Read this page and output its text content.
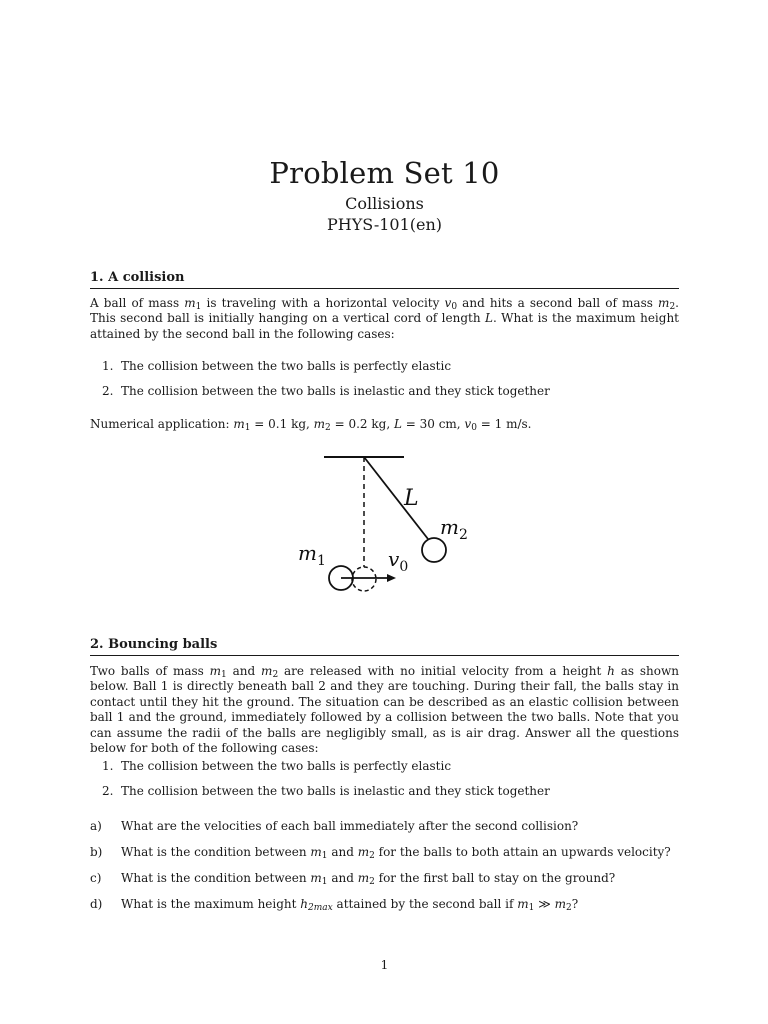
Problem Set 10
Collisions
PHYS-101(en)
1. A collision
A ball of mass $m_1$ is traveling with a horizontal velocity $v_0$ and hits a second ball of mass $m_2$. This second ball is initially hanging on a vertical cord of length L. What is the maximum height attained by the second ball in the following cases:
1. The collision between the two balls is perfectly elastic
2. The collision between the two balls is inelastic and they stick together
Numerical application: $m_1 = 0.1$ kg, $m_2 = 0.2$ kg, L = 30 cm, $v_0 = 1$ m/s.
L
$m_2$
$m_1$	$v_0$
2. Bouncing balls
Two balls of mass $m_1$ and $m_2$ are released with no initial velocity from a height h as shown below. Ball 1 is directly beneath ball 2 and they are touching. During their fall, the balls stay in contact until they hit the ground. The situation can be described as an elastic collision between ball 1 and the ground, immediately followed by a collision between the two balls. Note that you can assume the radii of the balls are negligibly small, as is air drag. Answer all the questions below for both of the following cases:
1. The collision between the two balls is perfectly elastic
2. The collision between the two balls is inelastic and they stick together
a) What are the velocities of each ball immediately after the second collision?
b) What is the condition between $m_1$ and $m_2$ for the balls to both attain an upwards velocity?
c) What is the condition between $m_1$ and $m_2$ for the first ball to stay on the ground?
d) What is the maximum height $h_{2max}$ attained by the second ball if $m_1$ ≫ $m_2$?
1
